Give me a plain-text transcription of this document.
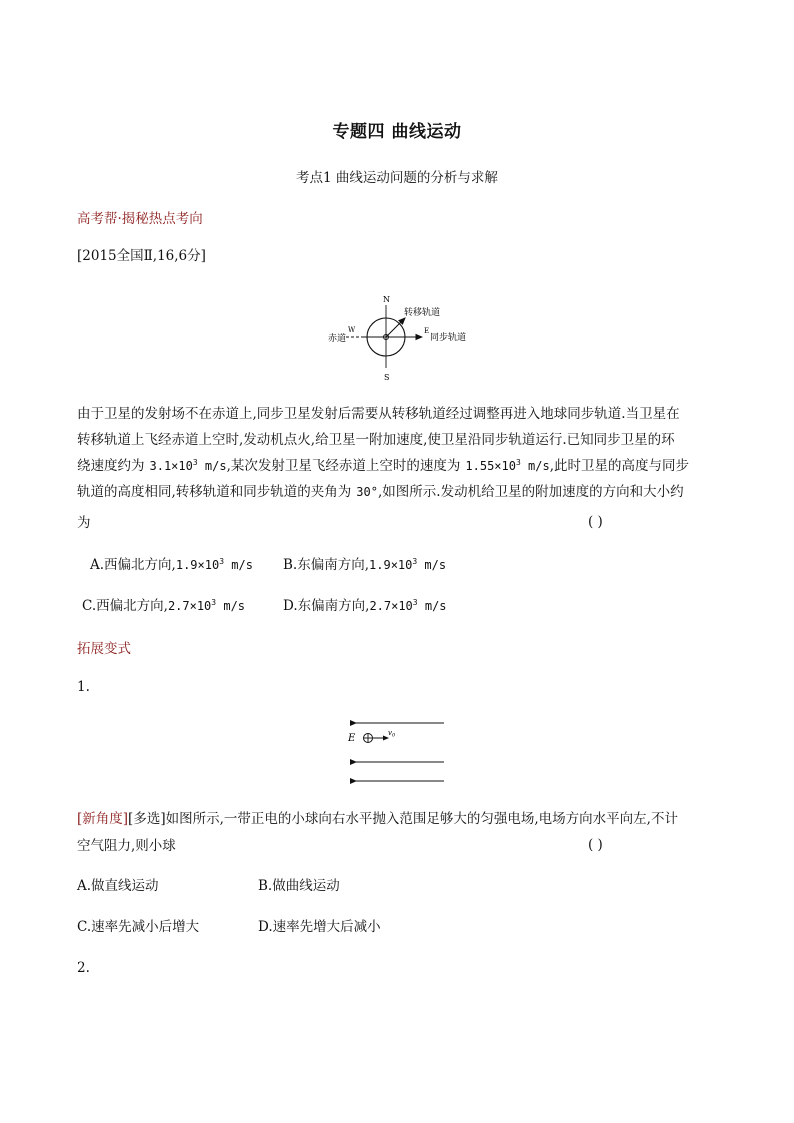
专题四 曲线运动
考点1 曲线运动问题的分析与求解
高考帮·揭秘热点考向
[2015全国Ⅱ,16,6分]
N
S
W	E
转移轨道
赤道	同步轨道
由于卫星的发射场不在赤道上,同步卫星发射后需要从转移轨道经过调整再进入地球同步轨道.当卫星在
转移轨道上飞经赤道上空时,发动机点火,给卫星一附加速度,使卫星沿同步轨道运行.已知同步卫星的环
绕速度约为 $3.1\times 10^3$ m/s,某次发射卫星飞经赤道上空时的速度为 $1.55\times 10^3$ m/s,此时卫星的高度与同步
轨道的高度相同,转移轨道和同步轨道的夹角为 30°,如图所示.发动机给卫星的附加速度的方向和大小约
为	( )
A.西偏北方向$,1.9\times 10^3$ m/s B.东偏南方向$,1.9\times 10^3$ m/s
C.西偏北方向$,2.7\times 10^3$ m/s	D.东偏南方向$,2.7\times 10^3$ m/s
拓展变式
1.
E	$v_0$
[新角度][多选]如图所示,一带正电的小球向右水平抛入范围足够大的匀强电场,电场方向水平向左,不计
空气阻力,则小球	( )
A.做直线运动	B.做曲线运动
C.速率先减小后增大	D.速率先增大后减小
2.
